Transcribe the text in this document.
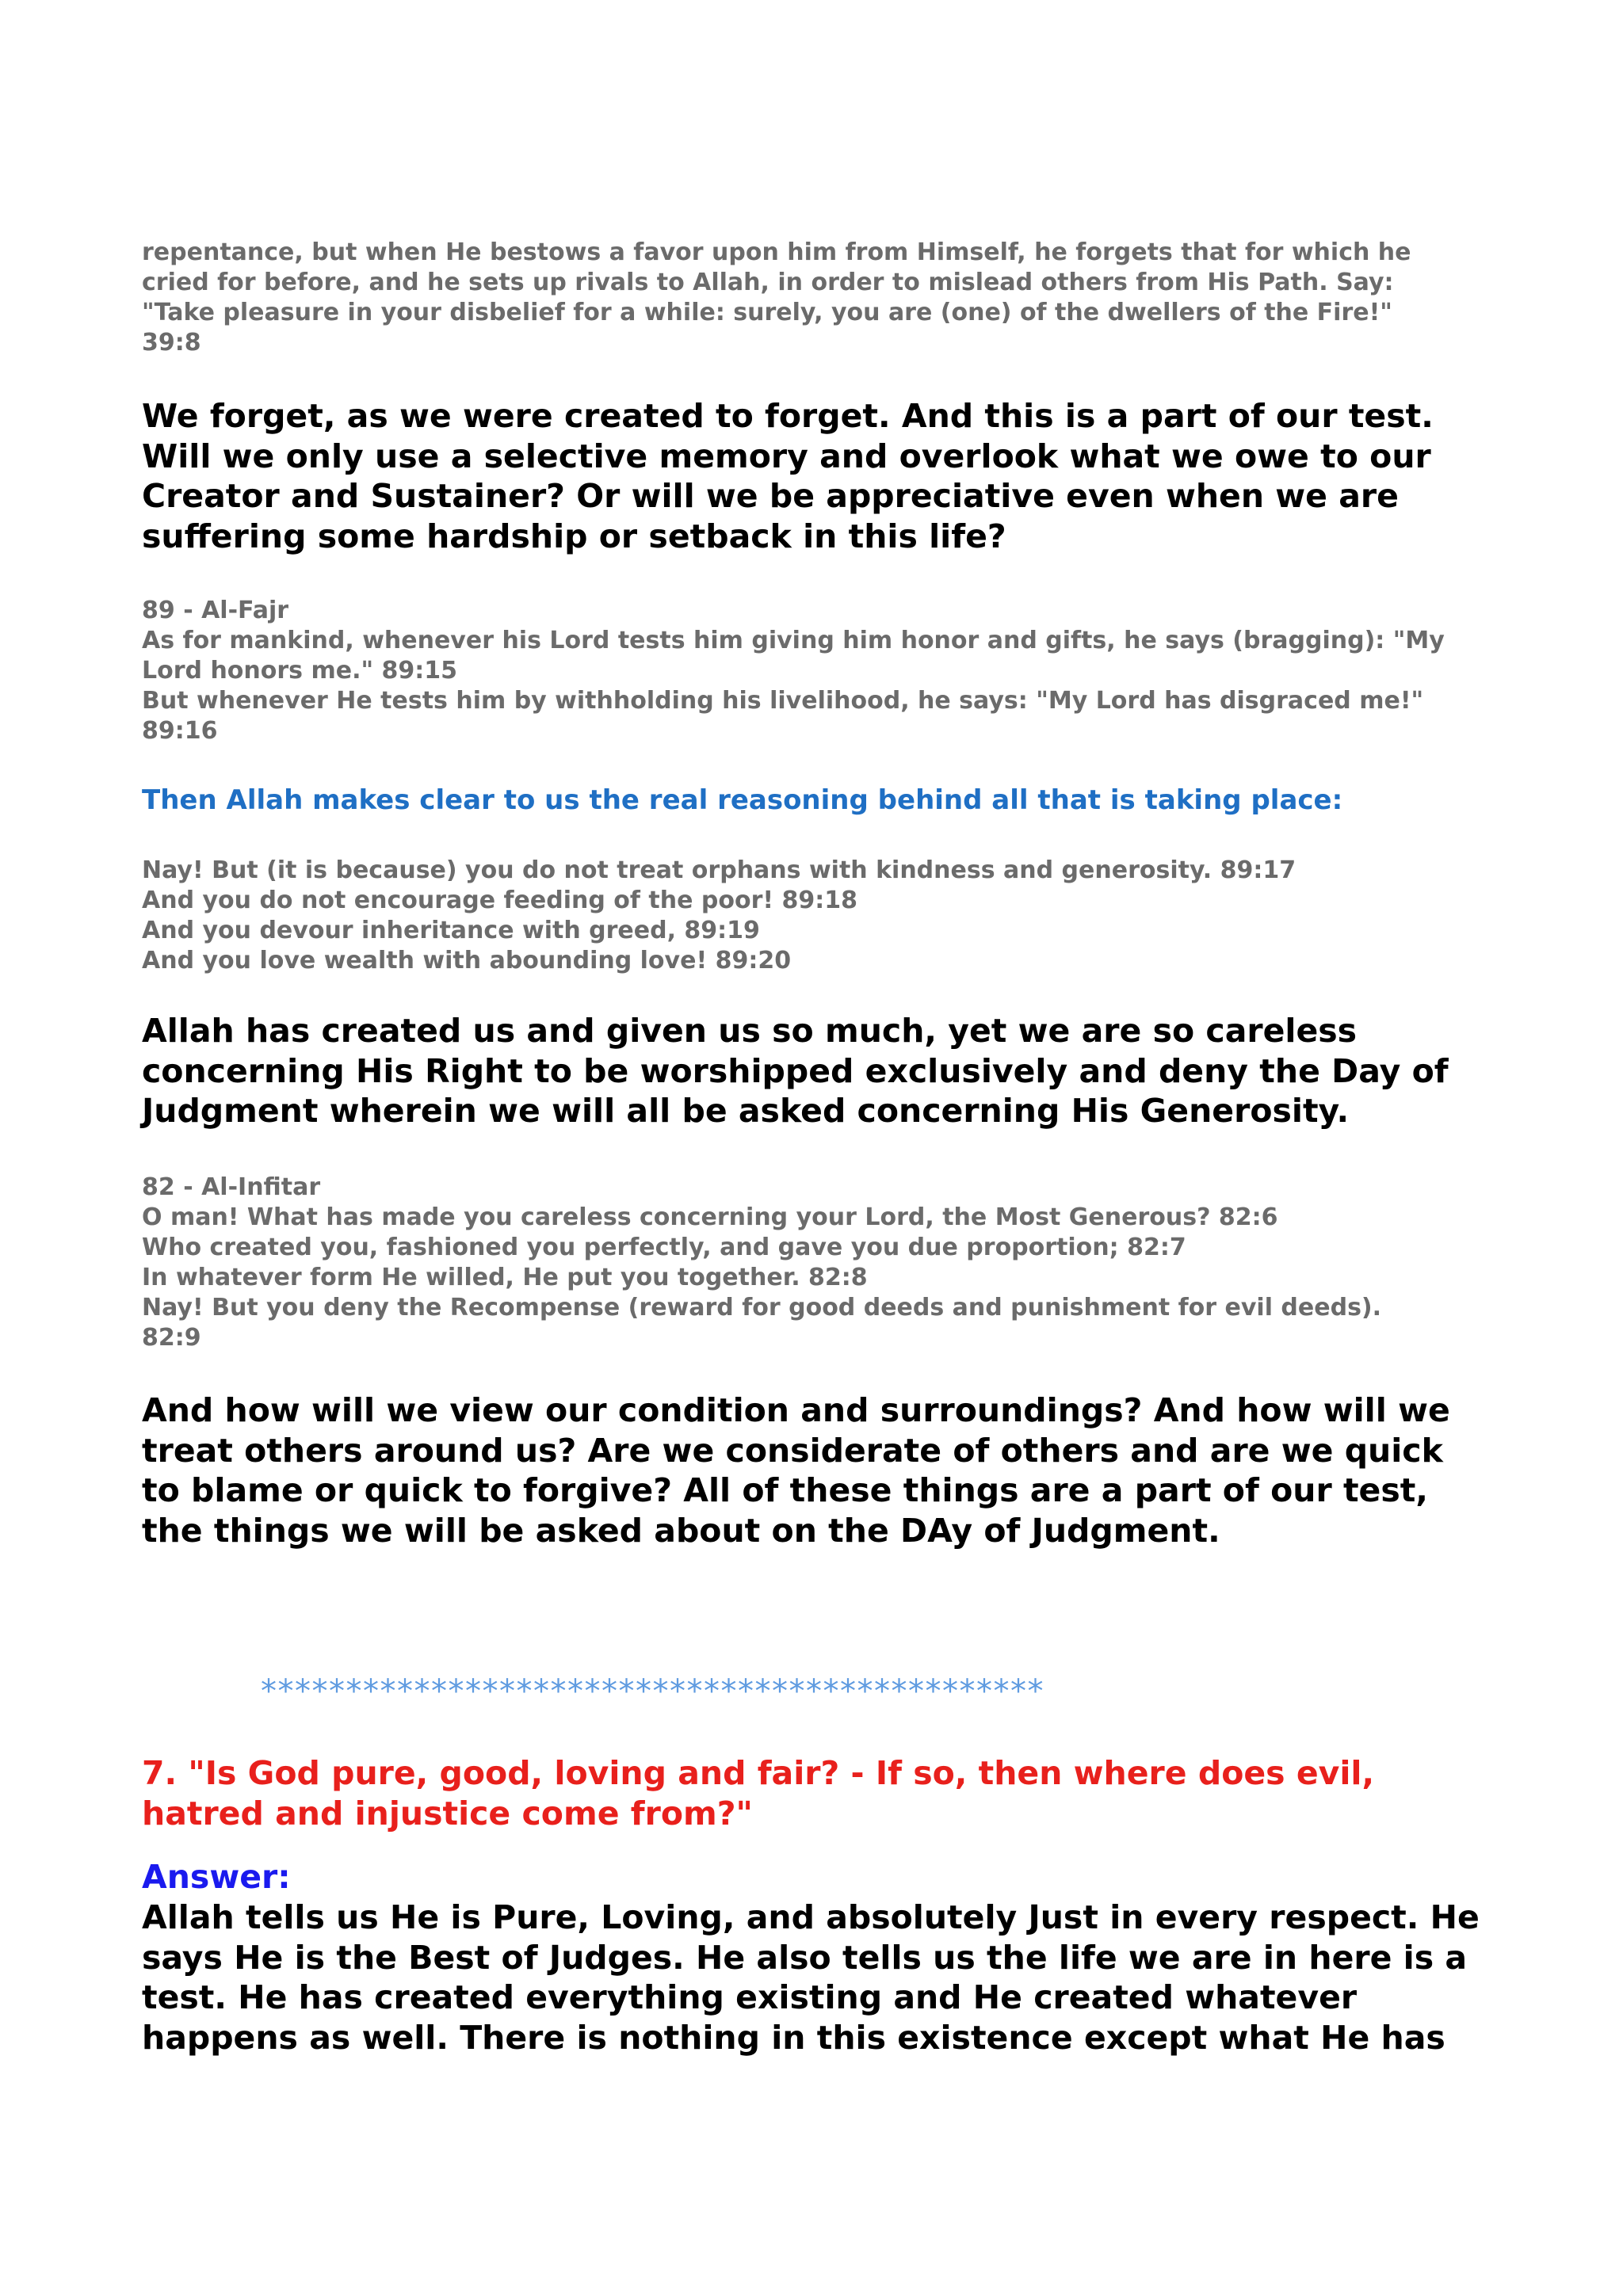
repentance, but when He bestows a favor upon him from Himself, he forgets that for which he
cried for before, and he sets up rivals to Allah, in order to mislead others from His Path. Say:
"Take pleasure in your disbelief for a while: surely, you are (one) of the dwellers of the Fire!"
39:8
We forget, as we were created to forget. And this is a part of our test.
Will we only use a selective memory and overlook what we owe to our
Creator and Sustainer? Or will we be appreciative even when we are
suffering some hardship or setback in this life?
89 - Al-Fajr
As for mankind, whenever his Lord tests him giving him honor and gifts, he says (bragging): "My
Lord honors me." 89:15
But whenever He tests him by withholding his livelihood, he says: "My Lord has disgraced me!"
89:16
Then Allah makes clear to us the real reasoning behind all that is taking place:
Nay! But (it is because) you do not treat orphans with kindness and generosity. 89:17
And you do not encourage feeding of the poor! 89:18
And you devour inheritance with greed, 89:19
And you love wealth with abounding love! 89:20
Allah has created us and given us so much, yet we are so careless
concerning His Right to be worshipped exclusively and deny the Day of
Judgment wherein we will all be asked concerning His Generosity.
82 - Al-Infitar
O man! What has made you careless concerning your Lord, the Most Generous? 82:6
Who created you, fashioned you perfectly, and gave you due proportion; 82:7
In whatever form He willed, He put you together. 82:8
Nay! But you deny the Recompense (reward for good deeds and punishment for evil deeds).
82:9
And how will we view our condition and surroundings? And how will we
treat others around us? Are we considerate of others and are we quick
to blame or quick to forgive? All of these things are a part of our test,
the things we will be asked about on the DAy of Judgment.
**********************************************
7. "Is God pure, good, loving and fair? - If so, then where does evil,
hatred and injustice come from?"
Answer:
Allah tells us He is Pure, Loving, and absolutely Just in every respect. He
says He is the Best of Judges. He also tells us the life we are in here is a
test. He has created everything existing and He created whatever
happens as well. There is nothing in this existence except what He has
